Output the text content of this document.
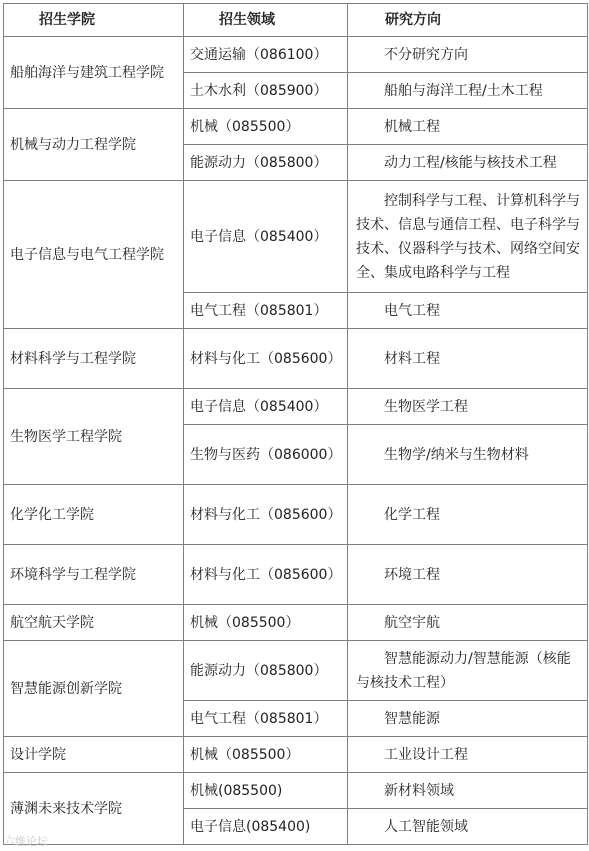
招生学院	招生领域	研究方向
船舶海洋与建筑工程学院	交通运输（086100）	不分研究方向

	土木水利（085900）	船舶与海洋工程/土木工程

机械与动力工程学院	机械（085500）	机械工程

	能源动力（085800）	动力工程/核能与核技术工程

电子信息与电气工程学院	电子信息（085400）	控制科学与工程、计算机科学与技术、信息与通信工程、电子科学与技术、仪器科学与技术、网络空间安全、集成电路科学与工程

	电气工程（085801）	电气工程

材料科学与工程学院	材料与化工（085600）	材料工程

生物医学工程学院	电子信息（085400）	生物医学工程

	生物与医药（086000）	生物学/纳米与生物材料

化学化工学院	材料与化工（085600）	化学工程

环境科学与工程学院	材料与化工（085600）	环境工程

航空航天学院	机械（085500）	航空宇航

智慧能源创新学院	能源动力（085800）	智慧能源动力/智慧能源（核能与核技术工程）

	电气工程（085801）	智慧能源

设计学院	机械（085500）	工业设计工程

薄渊未来技术学院	机械(085500)	新材料领域

	电子信息(085400)	人工智能领域
六维论坛
